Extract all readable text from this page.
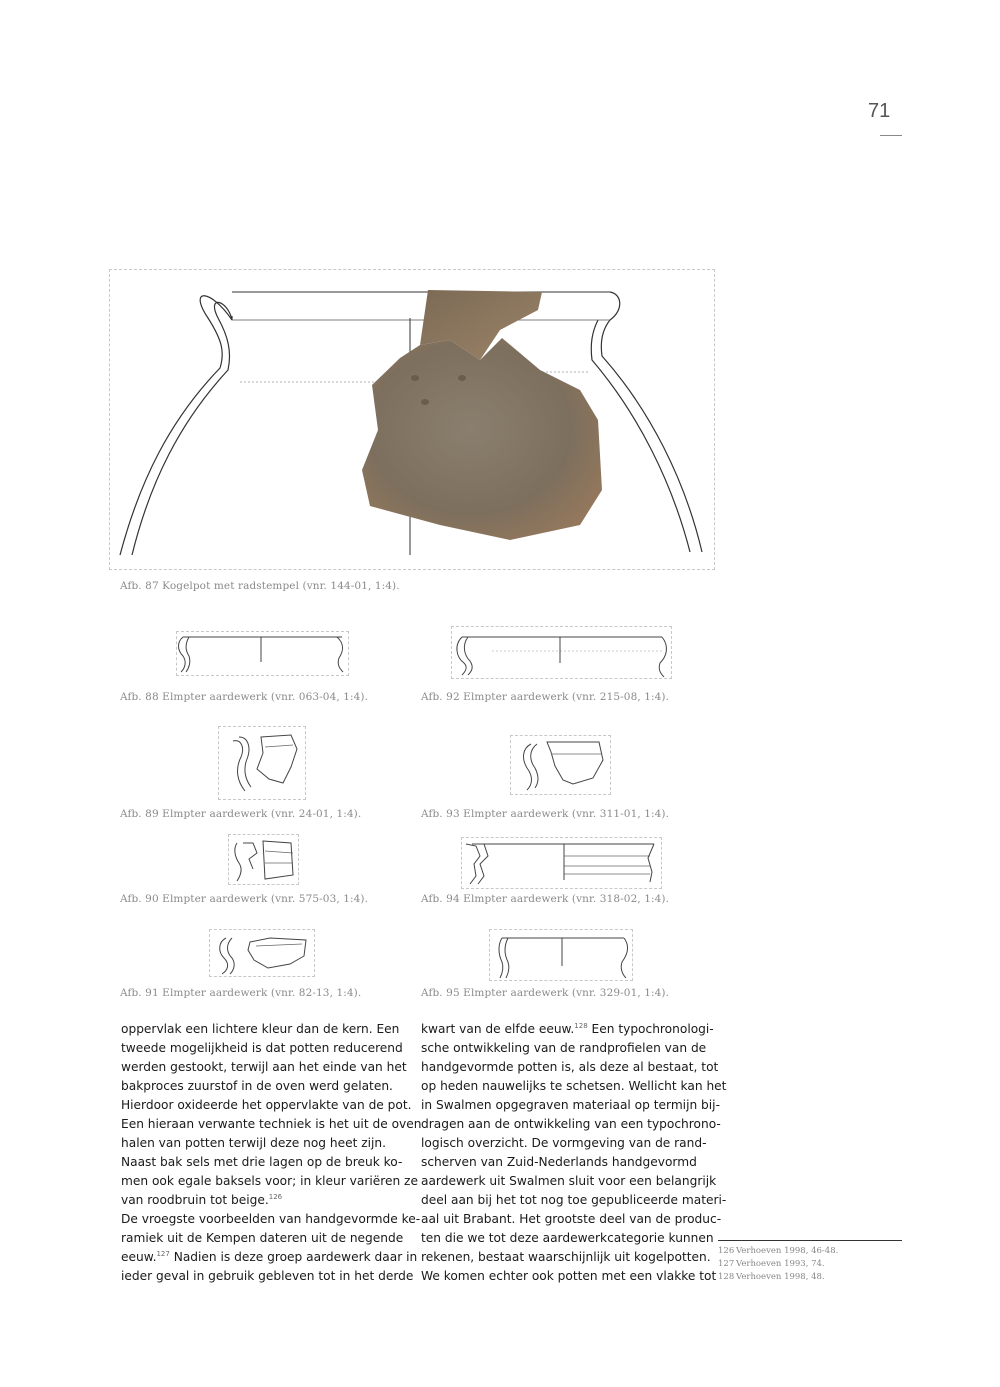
71
Afb. 87 Kogelpot met radstempel (vnr. 144-01, 1:4).
Afb. 88 Elmpter aardewerk (vnr. 063-04, 1:4).	Afb. 92 Elmpter aardewerk (vnr. 215-08, 1:4).
Afb. 89 Elmpter aardewerk (vnr. 24-01, 1:4).	Afb. 93 Elmpter aardewerk (vnr. 311-01, 1:4).
Afb. 90 Elmpter aardewerk (vnr. 575-03, 1:4).	Afb. 94 Elmpter aardewerk (vnr. 318-02, 1:4).
Afb. 91 Elmpter aardewerk (vnr. 82-13, 1:4).	Afb. 95 Elmpter aardewerk (vnr. 329-01, 1:4).
oppervlak een lichtere kleur dan de kern. Een
tweede mogelijkheid is dat potten reducerend
werden gestookt, terwijl aan het einde van het
bakproces zuurstof in de oven werd gelaten.
Hierdoor oxideerde het oppervlakte van de pot.
Een hieraan verwante techniek is het uit de oven
halen van potten terwijl deze nog heet zijn.
Naast bak sels met drie lagen op de breuk ko-
men ook egale baksels voor; in kleur variëren ze
van roodbruin tot beige.$^{126}$
De vroegste voorbeelden van handgevormde ke-
ramiek uit de Kempen dateren uit de negende
eeuw.$^{127}$ Nadien is deze groep aardewerk daar in
ieder geval in gebruik gebleven tot in het derde
kwart van de elfde eeuw.$^{128}$ Een typochronologi-
sche ontwikkeling van de randprofielen van de
handgevormde potten is, als deze al bestaat, tot
op heden nauwelijks te schetsen. Wellicht kan het
in Swalmen opgegraven materiaal op termijn bij-
dragen aan de ontwikkeling van een typochrono-
logisch overzicht. De vormgeving van de rand-
scherven van Zuid-Nederlands handgevormd
aardewerk uit Swalmen sluit voor een belangrijk
deel aan bij het tot nog toe gepubliceerde materi-
aal uit Brabant. Het grootste deel van de produc-
ten die we tot deze aardewerkcategorie kunnen
rekenen, bestaat waarschijnlijk uit kogelpotten.
We komen echter ook potten met een vlakke tot
126 Verhoeven 1998, 46-48.
127 Verhoeven 1993, 74.
128 Verhoeven 1998, 48.
